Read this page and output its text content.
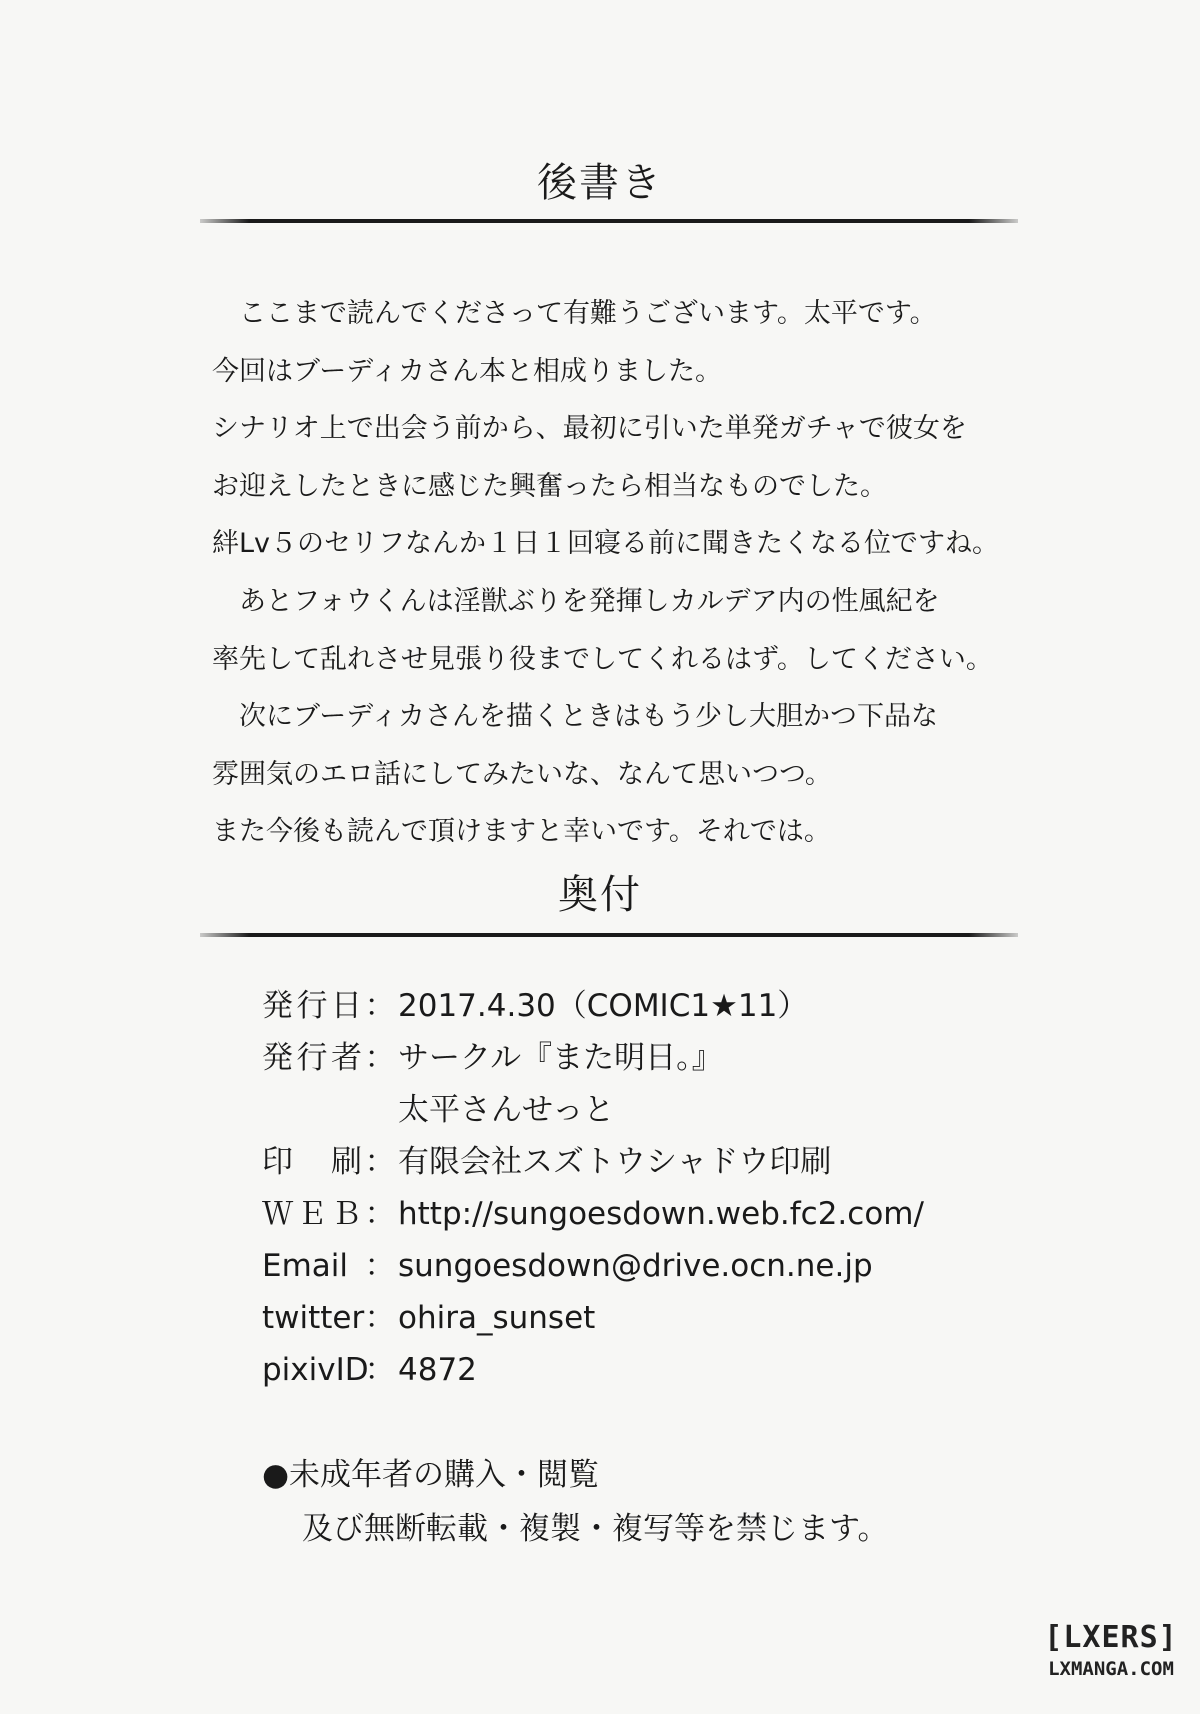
後書き
　ここまで読んでくださって有難うございます。太平です。
今回はブーディカさん本と相成りました。
シナリオ上で出会う前から、最初に引いた単発ガチャで彼女を
お迎えしたときに感じた興奮ったら相当なものでした。
絆Lv５のセリフなんか１日１回寝る前に聞きたくなる位ですね。
　あとフォウくんは淫獣ぶりを発揮しカルデア内の性風紀を
率先して乱れさせ見張り役までしてくれるはず。してください。
　次にブーディカさんを描くときはもう少し大胆かつ下品な
雰囲気のエロ話にしてみたいな、なんて思いつつ。
また今後も読んで頂けますと幸いです。それでは。
奥付
発行日 ： 2017.4.30（COMIC1★11）
発行者 ： サークル『また明日。』
太平さんせっと
印　刷 ： 有限会社スズトウシャドウ印刷
ＷＥＢ ： http://sungoesdown.web.fc2.com/
Email ： sungoesdown@drive.ocn.ne.jp
twitter ： ohira_sunset
pixivID
： 4872
●未成年者の購入・閲覧
及び無断転載・複製・複写等を禁じます。
[LXERS]
LXMANGA.COM
